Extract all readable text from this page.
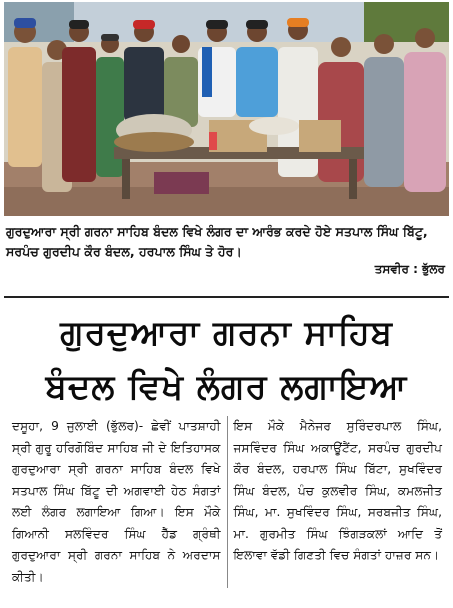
ਗੁਰਦੁਆਰਾ ਸ੍ਰੀ ਗਰਨਾ ਸਾਹਿਬ ਬੰਦਲ ਵਿਖੇ ਲੰਗਰ ਦਾ ਆਰੰਭ ਕਰਦੇ ਹੋਏ ਸਤਪਾਲ ਸਿੰਘ ਬਿੱਟੂ, ਸਰਪੰਚ ਗੁਰਦੀਪ ਕੌਰ ਬੰਦਲ, ਹਰਪਾਲ ਸਿੰਘ ਤੇ ਹੋਰ।
ਤਸਵੀਰ : ਭੁੱਲਰ
ਗੁਰਦੁਆਰਾ ਗਰਨਾ ਸਾਹਿਬ
ਬੰਦਲ ਵਿਖੇ ਲੰਗਰ ਲਗਾਇਆ

ਦਸੂਹਾ, 9 ਜੁਲਾਈ (ਭੁੱਲਰ)- ਛੇਵੀਂ ਪਾਤਸ਼ਾਹੀ ਸ੍ਰੀ ਗੁਰੂ ਹਰਿਗੋਬਿੰਦ ਸਾਹਿਬ ਜੀ ਦੇ ਇਤਿਹਾਸਕ ਗੁਰਦੁਆਰਾ ਸ੍ਰੀ ਗਰਨਾ ਸਾਹਿਬ ਬੰਦਲ ਵਿਖੇ ਸਤਪਾਲ ਸਿੰਘ ਬਿੱਟੂ ਦੀ ਅਗਵਾਈ ਹੇਠ ਸੰਗਤਾਂ ਲਈ ਲੰਗਰ ਲਗਾਇਆ ਗਿਆ। ਇਸ ਮੌਕੇ ਗਿਆਨੀ ਸਲਵਿੰਦਰ ਸਿੰਘ ਹੈੱਡ ਗ੍ਰੰਥੀ ਗੁਰਦੁਆਰਾ ਸ੍ਰੀ ਗਰਨਾ ਸਾਹਿਬ ਨੇ ਅਰਦਾਸ ਕੀਤੀ।

ਇਸ ਮੌਕੇ ਮੈਨੇਜਰ ਸੁਰਿੰਦਰਪਾਲ ਸਿੰਘ, ਜਸਵਿੰਦਰ ਸਿੰਘ ਅਕਾਊਂਟੈਂਟ, ਸਰਪੰਚ ਗੁਰਦੀਪ ਕੌਰ ਬੰਦਲ, ਹਰਪਾਲ ਸਿੰਘ ਬਿੱਟਾ, ਸੁਖਵਿੰਦਰ ਸਿੰਘ ਬੰਦਲ, ਪੰਚ ਕੁਲਵੀਰ ਸਿੰਘ, ਕਮਲਜੀਤ ਸਿੰਘ, ਮਾ. ਸੁਖਵਿੰਦਰ ਸਿੰਘ, ਸਰਬਜੀਤ ਸਿੰਘ, ਮਾ. ਗੁਰਮੀਤ ਸਿੰਘ ਝਿੰਗੜਕਲਾਂ ਆਦਿ ਤੋਂ ਇਲਾਵਾ ਵੱਡੀ ਗਿਣਤੀ ਵਿਚ ਸੰਗਤਾਂ ਹਾਜ਼ਰ ਸਨ।
